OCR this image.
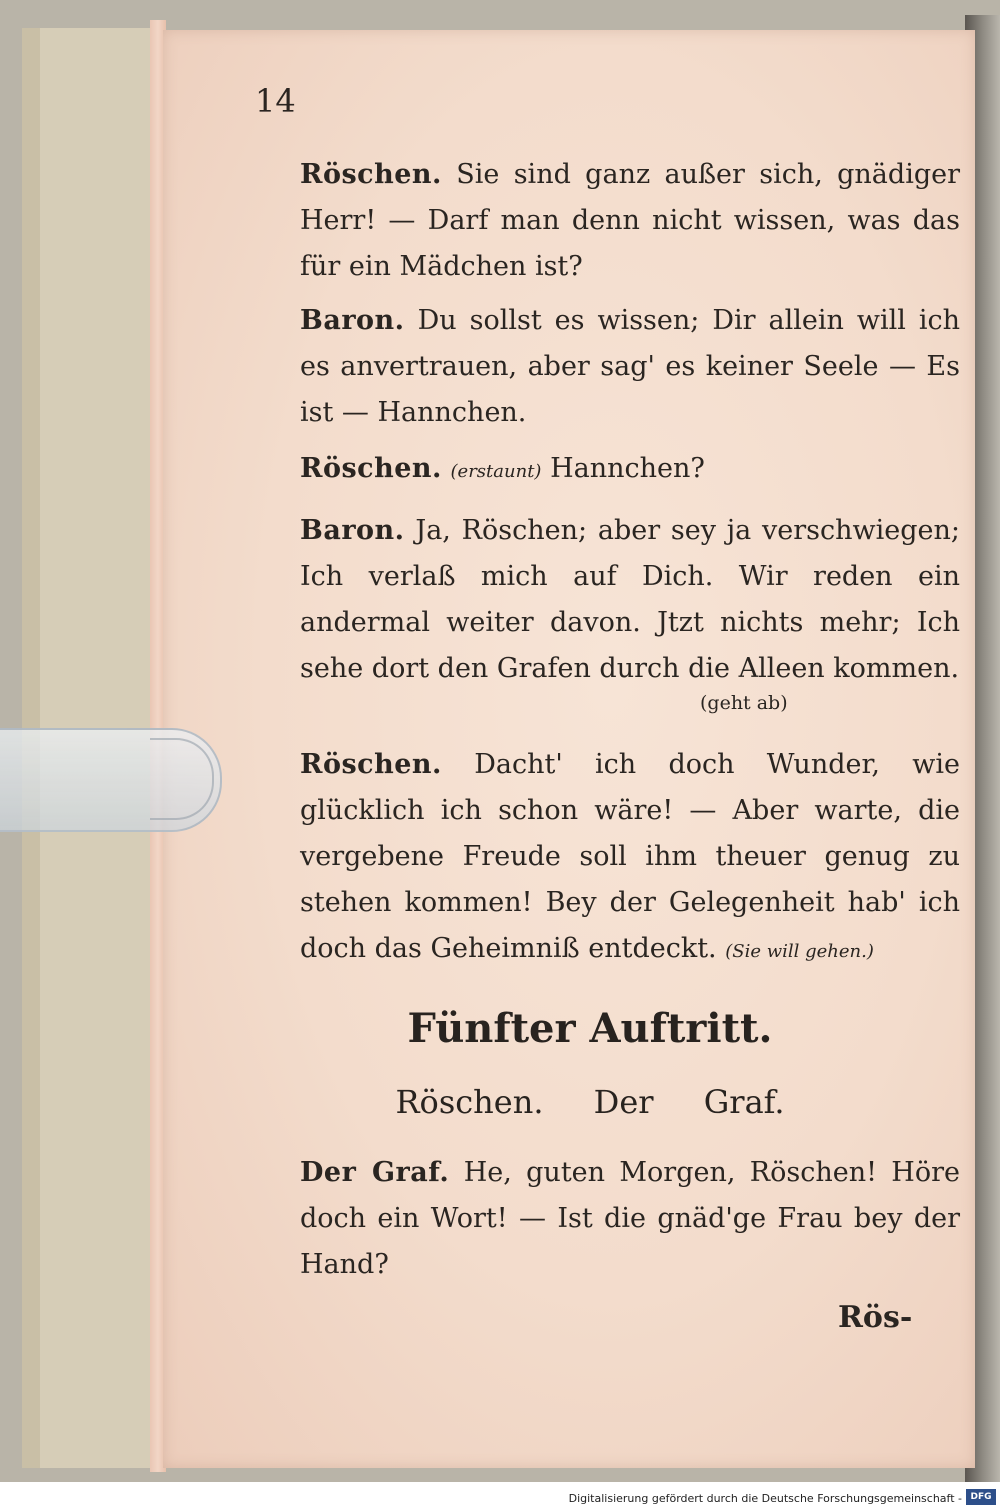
14

Röschen. Sie sind ganz außer sich, gnädiger Herr! — Darf man denn nicht wissen, was das für ein Mädchen ist?

Baron. Du sollst es wissen; Dir allein will ich es anvertrauen, aber sag' es keiner Seele — Es ist — Hannchen.

Röschen. (erstaunt) Hannchen?

Baron. Ja, Röschen; aber sey ja verschwiegen; Ich verlaß mich auf Dich. Wir reden ein andermal weiter davon. Jtzt nichts mehr; Ich sehe dort den Grafen durch die Alleen kommen.

(geht ab)

Röschen. Dacht' ich doch Wunder, wie glücklich ich schon wäre! — Aber warte, die vergebene Freude soll ihm theuer genug zu stehen kommen! Bey der Gelegenheit hab' ich doch das Geheimniß entdeckt. (Sie will gehen.)

Fünfter Auftritt.
Röschen. Der Graf.

Der Graf. He, guten Morgen, Röschen! Höre doch ein Wort! — Ist die gnäd'ge Frau bey der Hand?

Rös-
Digitalisierung gefördert durch die Deutsche Forschungsgemeinschaft - DFG
